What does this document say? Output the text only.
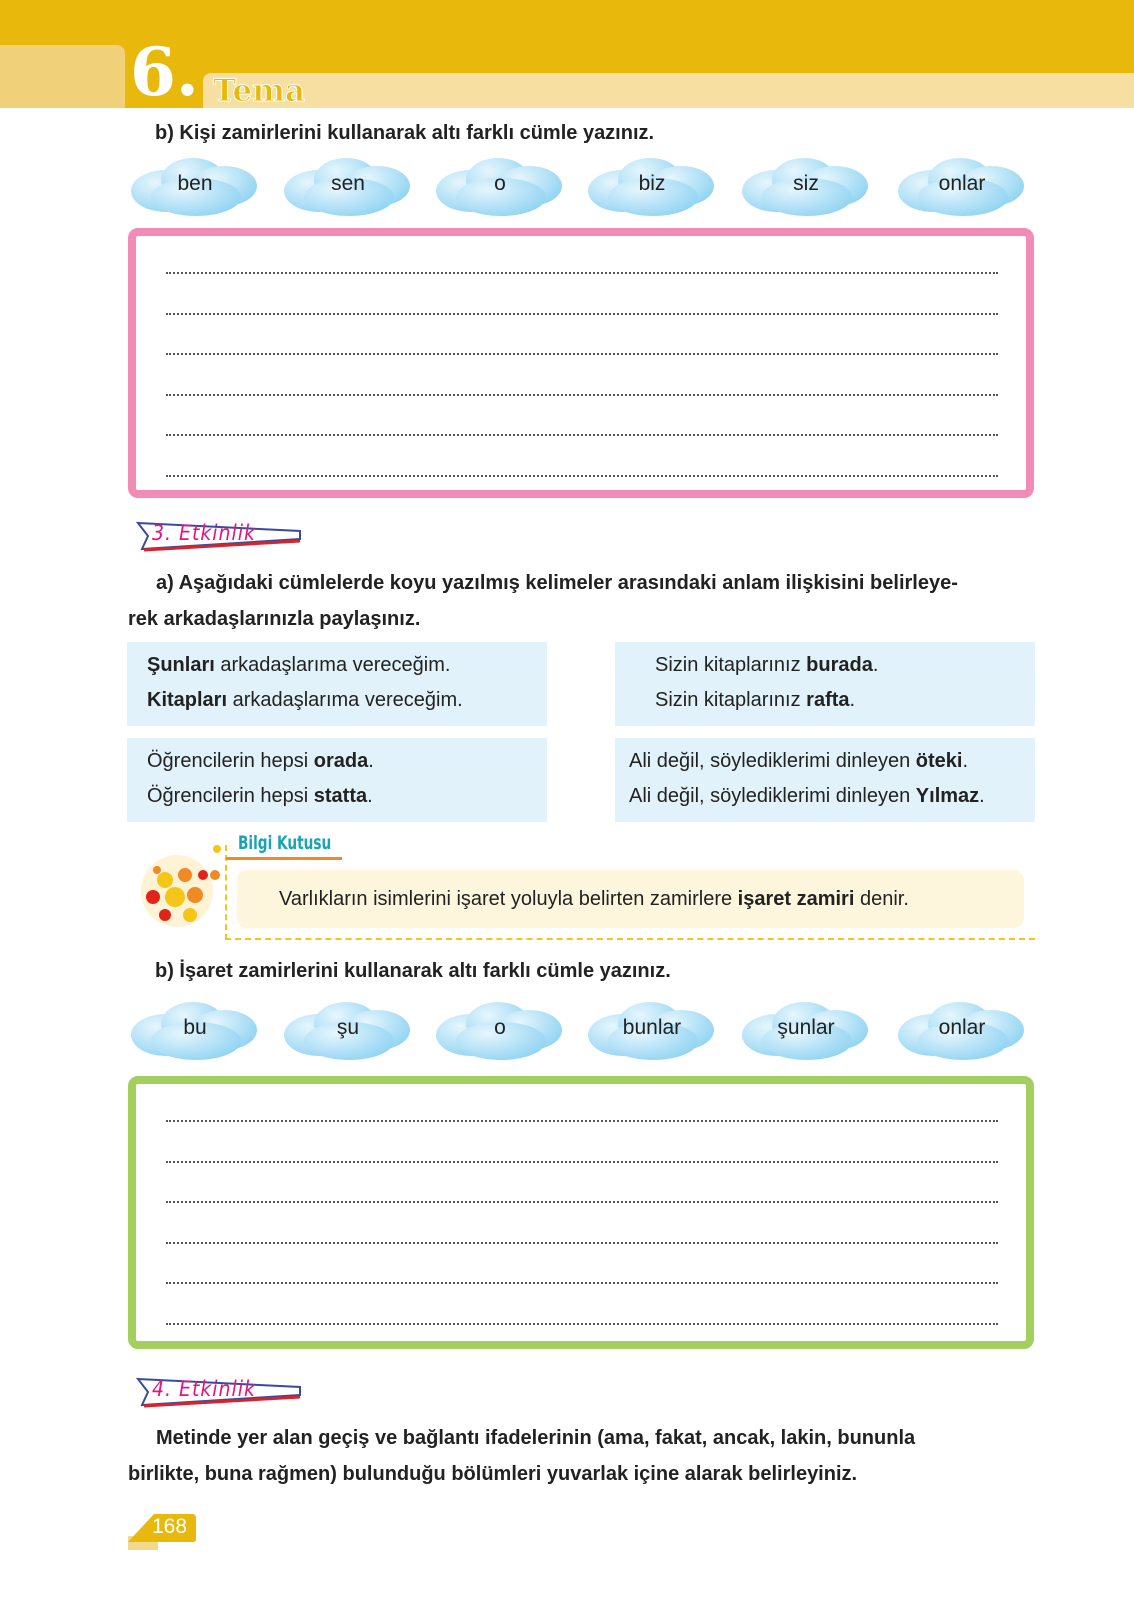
6. Tema
b) Kişi zamirlerini kullanarak altı farklı cümle yazınız.
ben	sen	o	biz	siz	onlar
3. Etkinlik

a) Aşağıdaki cümlelerde koyu yazılmış kelimeler arasındaki anlam ilişkisini belirleye-
rek arkadaşlarınızla paylaşınız.

Şunları arkadaşlarıma vereceğim.
Kitapları arkadaşlarıma vereceğim.
Sizin kitaplarınız burada.
Sizin kitaplarınız rafta.
Öğrencilerin hepsi orada.
Öğrencilerin hepsi statta.
Ali değil, söylediklerimi dinleyen öteki.
Ali değil, söylediklerimi dinleyen Yılmaz.
Bilgi Kutusu
Varlıkların isimlerini işaret yoluyla belirten zamirlere işaret zamiri denir.
b) İşaret zamirlerini kullanarak altı farklı cümle yazınız.
bu	şu	o	bunlar	şunlar	onlar
4. Etkinlik

Metinde yer alan geçiş ve bağlantı ifadelerinin (ama, fakat, ancak, lakin, bununla
birlikte, buna rağmen) bulunduğu bölümleri yuvarlak içine alarak belirleyiniz.

168
